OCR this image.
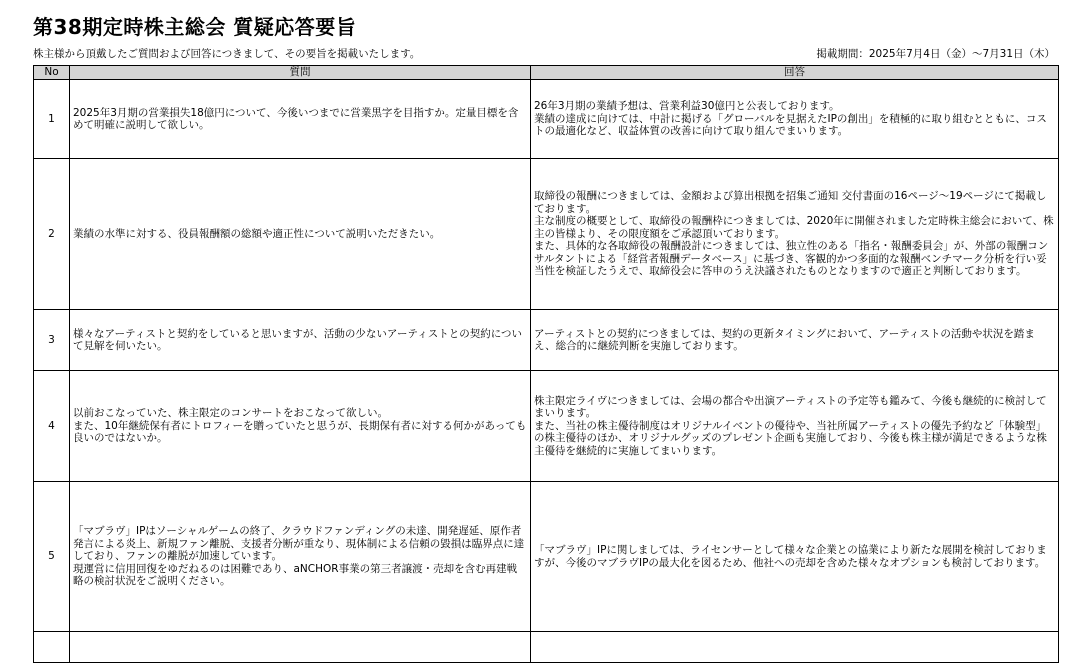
第38期定時株主総会 質疑応答要旨
株主様から頂戴したご質問および回答につきまして、その要旨を掲載いたします。	掲載期間：2025年7月4日（金）～7月31日（木）
No	質問	回答
1	2025年3月期の営業損失18億円について、今後いつまでに営業黒字を目指すか。定量目標を含めて明確に説明して欲しい。	26年3月期の業績予想は、営業利益30億円と公表しております。
業績の達成に向けては、中計に掲げる「グローバルを見据えたIPの創出」を積極的に取り組むとともに、コストの最適化など、収益体質の改善に向けて取り組んでまいります。

2	業績の水準に対する、役員報酬額の総額や適正性について説明いただきたい。	取締役の報酬につきましては、金額および算出根拠を招集ご通知 交付書面の16ページ～19ページにて掲載しております。
主な制度の概要として、取締役の報酬枠につきましては、2020年に開催されました定時株主総会において、株主の皆様より、その限度額をご承認頂いております。
また、具体的な各取締役の報酬設計につきましては、独立性のある「指名・報酬委員会」が、外部の報酬コンサルタントによる「経営者報酬データベース」に基づき、客観的かつ多面的な報酬ベンチマーク分析を行い妥当性を検証したうえで、取締役会に答申のうえ決議されたものとなりますので適正と判断しております。

3	様々なアーティストと契約をしていると思いますが、活動の少ないアーティストとの契約について見解を伺いたい。	アーティストとの契約につきましては、契約の更新タイミングにおいて、アーティストの活動や状況を踏まえ、総合的に継続判断を実施しております。

4	以前おこなっていた、株主限定のコンサートをおこなって欲しい。
また、10年継続保有者にトロフィーを贈っていたと思うが、長期保有者に対する何かがあっても良いのではないか。	株主限定ライヴにつきましては、会場の都合や出演アーティストの予定等も鑑みて、今後も継続的に検討してまいります。
また、当社の株主優待制度はオリジナルイベントの優待や、当社所属アーティストの優先予約など「体験型」の株主優待のほか、オリジナルグッズのプレゼント企画も実施しており、今後も株主様が満足できるような株主優待を継続的に実施してまいります。

5	「マブラヴ」IPはソーシャルゲームの終了、クラウドファンディングの未達、開発遅延、原作者発言による炎上、新規ファン離脱、支援者分断が重なり、現体制による信頼の毀損は臨界点に達しており、ファンの離脱が加速しています。
現運営に信用回復をゆだねるのは困難であり、aNCHOR事業の第三者譲渡・売却を含む再建戦略の検討状況をご説明ください。	「マブラヴ」IPに関しましては、ライセンサーとして様々な企業との協業により新たな展開を検討しておりますが、今後のマブラヴIPの最大化を図るため、他社への売却を含めた様々なオプションも検討しております。
